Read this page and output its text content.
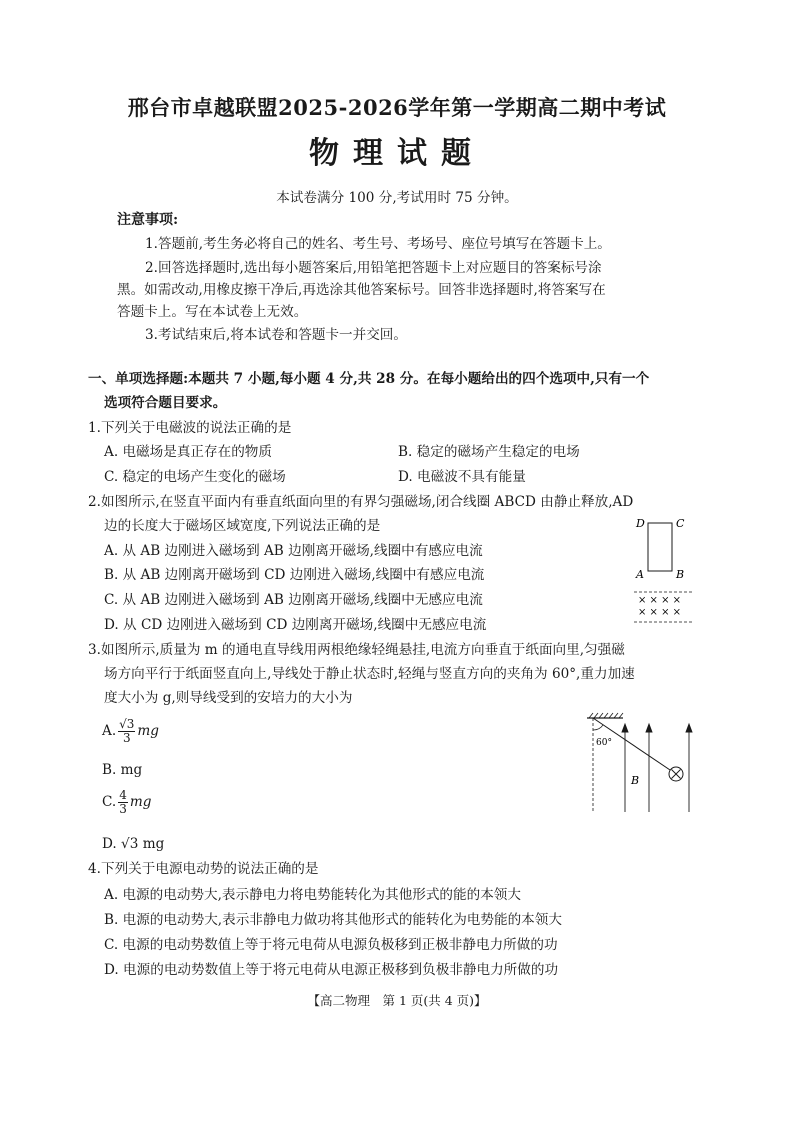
邢台市卓越联盟2025-2026学年第一学期高二期中考试
物理试题
本试卷满分 100 分,考试用时 75 分钟。
注意事项:
1.答题前,考生务必将自己的姓名、考生号、考场号、座位号填写在答题卡上。
2.回答选择题时,选出每小题答案后,用铅笔把答题卡上对应题目的答案标号涂
黑。如需改动,用橡皮擦干净后,再选涂其他答案标号。回答非选择题时,将答案写在
答题卡上。写在本试卷上无效。
3.考试结束后,将本试卷和答题卡一并交回。
一、单项选择题:本题共 7 小题,每小题 4 分,共 28 分。在每小题给出的四个选项中,只有一个
选项符合题目要求。
1.下列关于电磁波的说法正确的是
A. 电磁场是真正存在的物质	B. 稳定的磁场产生稳定的电场
C. 稳定的电场产生变化的磁场	D. 电磁波不具有能量
2.如图所示,在竖直平面内有垂直纸面向里的有界匀强磁场,闭合线圈 ABCD 由静止释放,AD
边的长度大于磁场区域宽度,下列说法正确的是
A. 从 AB 边刚进入磁场到 AB 边刚离开磁场,线圈中有感应电流
B. 从 AB 边刚离开磁场到 CD 边刚进入磁场,线圈中有感应电流
C. 从 AB 边刚进入磁场到 AB 边刚离开磁场,线圈中无感应电流
D. 从 CD 边刚进入磁场到 CD 边刚离开磁场,线圈中无感应电流
D	C
A	B
× × × ×
× × × ×
3.如图所示,质量为 m 的通电直导线用两根绝缘轻绳悬挂,电流方向垂直于纸面向里,匀强磁
场方向平行于纸面竖直向上,导线处于静止状态时,轻绳与竖直方向的夹角为 60°,重力加速
度大小为 g,则导线受到的安培力的大小为
A. $\frac{√3}{3}$ mg
B. mg
C. $\frac{4}{3}$ mg
D. √3 mg
60°
B
4.下列关于电源电动势的说法正确的是
A. 电源的电动势大,表示静电力将电势能转化为其他形式的能的本领大
B. 电源的电动势大,表示非静电力做功将其他形式的能转化为电势能的本领大
C. 电源的电动势数值上等于将元电荷从电源负极移到正极非静电力所做的功
D. 电源的电动势数值上等于将元电荷从电源正极移到负极非静电力所做的功
【高二物理　第 1 页(共 4 页)】
